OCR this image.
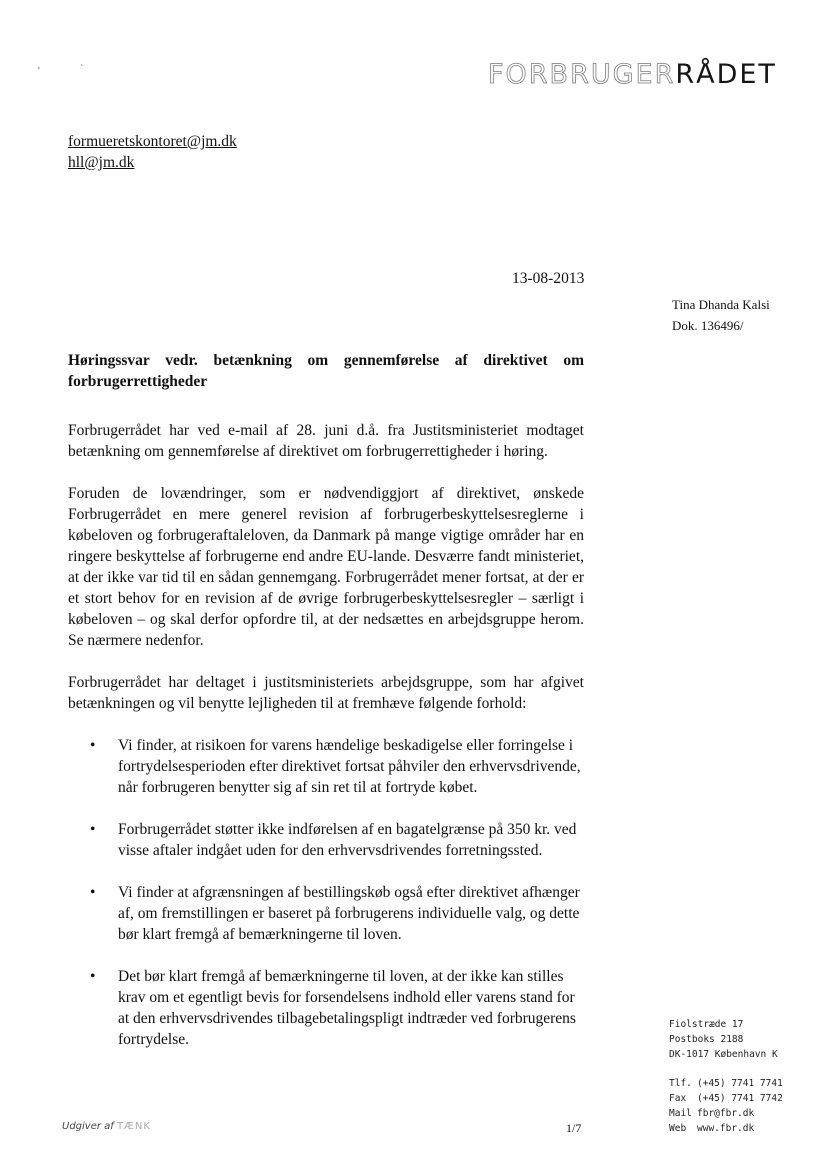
'	`	FORBRUGERRÅDET
formueretskontoret@jm.dk
hll@jm.dk
13-08-2013
Tina Dhanda Kalsi
Dok. 136496/

Høringssvar vedr. betænkning om gennemførelse af direktivet om forbrugerrettigheder

Forbrugerrådet har ved e-mail af 28. juni d.å. fra Justitsministeriet modtaget betænkning om gennemførelse af direktivet om forbrugerrettigheder i høring.

Foruden de lovændringer, som er nødvendiggjort af direktivet, ønskede Forbrugerrådet en mere generel revision af forbrugerbeskyttelsesreglerne i købeloven og forbrugeraftaleloven, da Danmark på mange vigtige områder har en ringere beskyttelse af forbrugerne end andre EU-lande. Desværre fandt ministeriet, at der ikke var tid til en sådan gennemgang. Forbrugerrådet mener fortsat, at der er et stort behov for en revision af de øvrige forbrugerbeskyttelsesregler – særligt i købeloven – og skal derfor opfordre til, at der nedsættes en arbejdsgruppe herom. Se nærmere nedenfor.

Forbrugerrådet har deltaget i justitsministeriets arbejdsgruppe, som har afgivet betænkningen og vil benytte lejligheden til at fremhæve følgende forhold:

• Vi finder, at risikoen for varens hændelige beskadigelse eller forringelse i fortrydelsesperioden efter direktivet fortsat påhviler den erhvervsdrivende, når forbrugeren benytter sig af sin ret til at fortryde købet.
• Forbrugerrådet støtter ikke indførelsen af en bagatelgrænse på 350 kr. ved visse aftaler indgået uden for den erhvervsdrivendes forretningssted.
• Vi finder at afgrænsningen af bestillingskøb også efter direktivet afhænger af, om fremstillingen er baseret på forbrugerens individuelle valg, og dette bør klart fremgå af bemærkningerne til loven.
• Det bør klart fremgå af bemærkningerne til loven, at der ikke kan stilles krav om et egentligt bevis for forsendelsens indhold eller varens stand for at den erhvervsdrivendes tilbagebetalingspligt indtræder ved forbrugerens fortrydelse.
Fiolstræde 17
Postboks 2188
DK-1017 København K
Tlf. (+45) 7741 7741
Fax	(+45) 7741 7742
Mail fbr@fbr.dk
Web	www.fbr.dk
Udgiver af TÆNK	1/7
